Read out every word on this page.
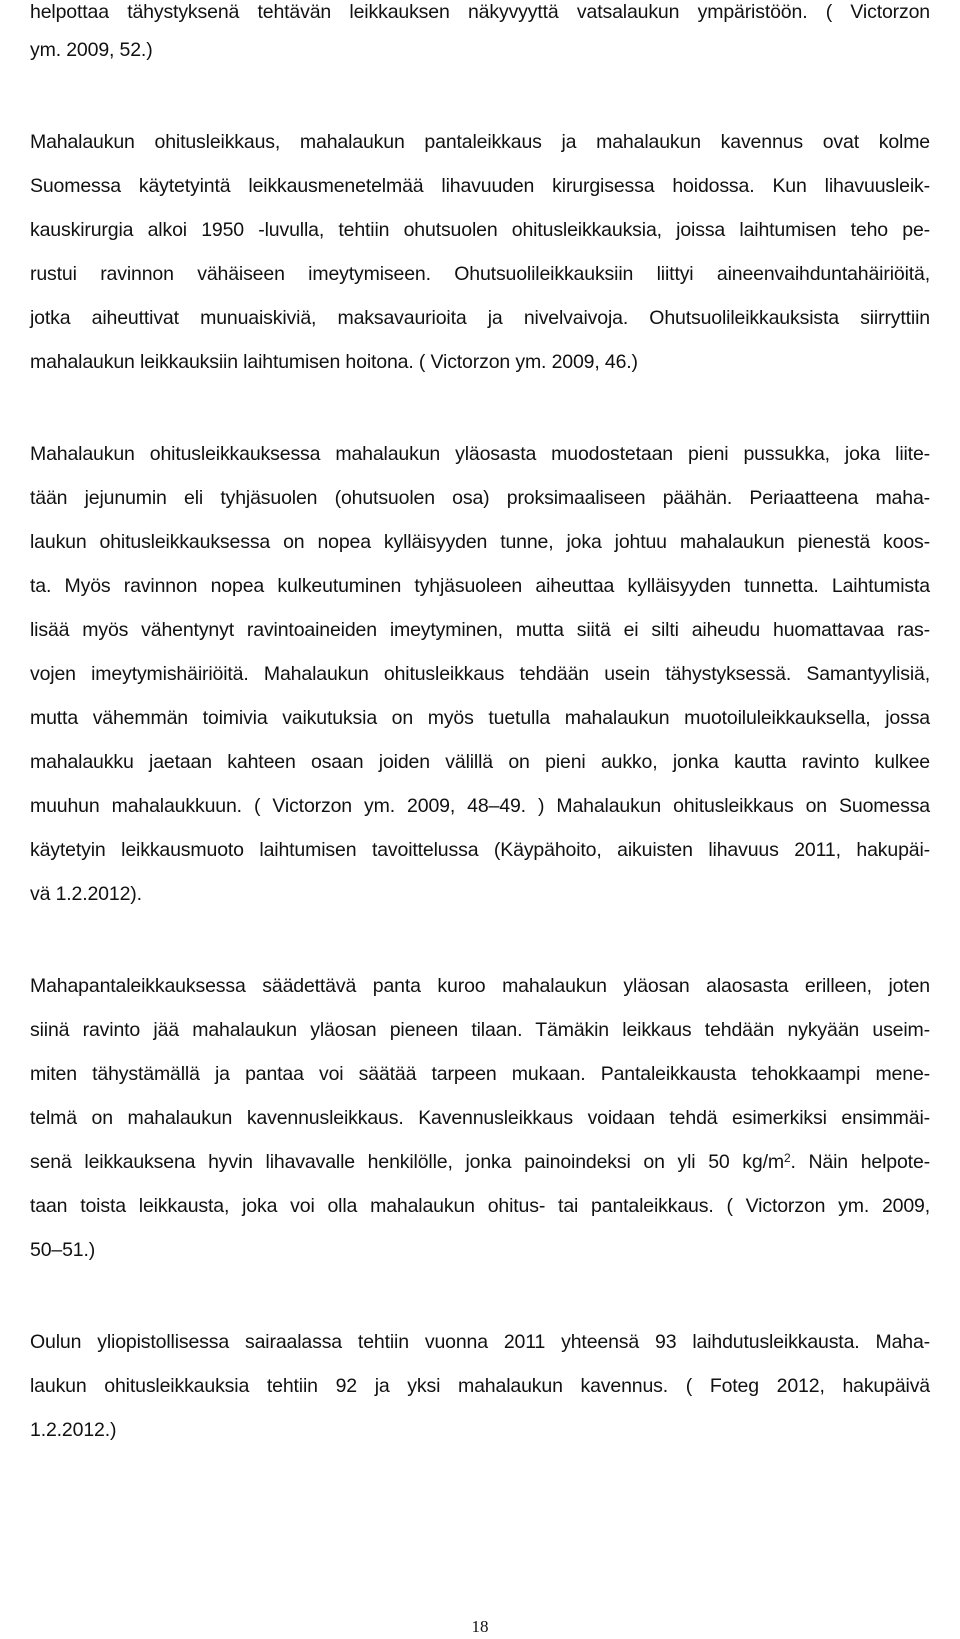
helpottaa tähystyksenä tehtävän leikkauksen näkyvyyttä vatsalaukun ympäristöön. ( Victorzon
ym. 2009, 52.)
Mahalaukun ohitusleikkaus, mahalaukun pantaleikkaus ja mahalaukun kavennus ovat kolme
Suomessa käytetyintä leikkausmenetelmää lihavuuden kirurgisessa hoidossa. Kun lihavuusleik-
kauskirurgia alkoi 1950 -luvulla, tehtiin ohutsuolen ohitusleikkauksia, joissa laihtumisen teho pe-
rustui ravinnon vähäiseen imeytymiseen. Ohutsuolileikkauksiin liittyi aineenvaihduntahäiriöitä,
jotka aiheuttivat munuaiskiviä, maksavaurioita ja nivelvaivoja. Ohutsuolileikkauksista siirryttiin
mahalaukun leikkauksiin laihtumisen hoitona. ( Victorzon ym. 2009, 46.)
Mahalaukun ohitusleikkauksessa mahalaukun yläosasta muodostetaan pieni pussukka, joka liite-
tään jejunumin eli tyhjäsuolen (ohutsuolen osa) proksimaaliseen päähän. Periaatteena maha-
laukun ohitusleikkauksessa on nopea kylläisyyden tunne, joka johtuu mahalaukun pienestä koos-
ta. Myös ravinnon nopea kulkeutuminen tyhjäsuoleen aiheuttaa kylläisyyden tunnetta. Laihtumista
lisää myös vähentynyt ravintoaineiden imeytyminen, mutta siitä ei silti aiheudu huomattavaa ras-
vojen imeytymishäiriöitä. Mahalaukun ohitusleikkaus tehdään usein tähystyksessä. Samantyylisiä,
mutta vähemmän toimivia vaikutuksia on myös tuetulla mahalaukun muotoiluleikkauksella, jossa
mahalaukku jaetaan kahteen osaan joiden välillä on pieni aukko, jonka kautta ravinto kulkee
muuhun mahalaukkuun. ( Victorzon ym. 2009, 48–49. ) Mahalaukun ohitusleikkaus on Suomessa
käytetyin leikkausmuoto laihtumisen tavoittelussa (Käypähoito, aikuisten lihavuus 2011, hakupäi-
vä 1.2.2012).
Mahapantaleikkauksessa säädettävä panta kuroo mahalaukun yläosan alaosasta erilleen, joten
siinä ravinto jää mahalaukun yläosan pieneen tilaan. Tämäkin leikkaus tehdään nykyään useim-
miten tähystämällä ja pantaa voi säätää tarpeen mukaan. Pantaleikkausta tehokkaampi mene-
telmä on mahalaukun kavennusleikkaus. Kavennusleikkaus voidaan tehdä esimerkiksi ensimmäi-
senä leikkauksena hyvin lihavavalle henkilölle, jonka painoindeksi on yli 50 $kg/m^2$. Näin helpote-
taan toista leikkausta, joka voi olla mahalaukun ohitus- tai pantaleikkaus. ( Victorzon ym. 2009,
50–51.)
Oulun yliopistollisessa sairaalassa tehtiin vuonna 2011 yhteensä 93 laihdutusleikkausta. Maha-
laukun ohitusleikkauksia tehtiin 92 ja yksi mahalaukun kavennus. ( Foteg 2012, hakupäivä
1.2.2012.)
18
